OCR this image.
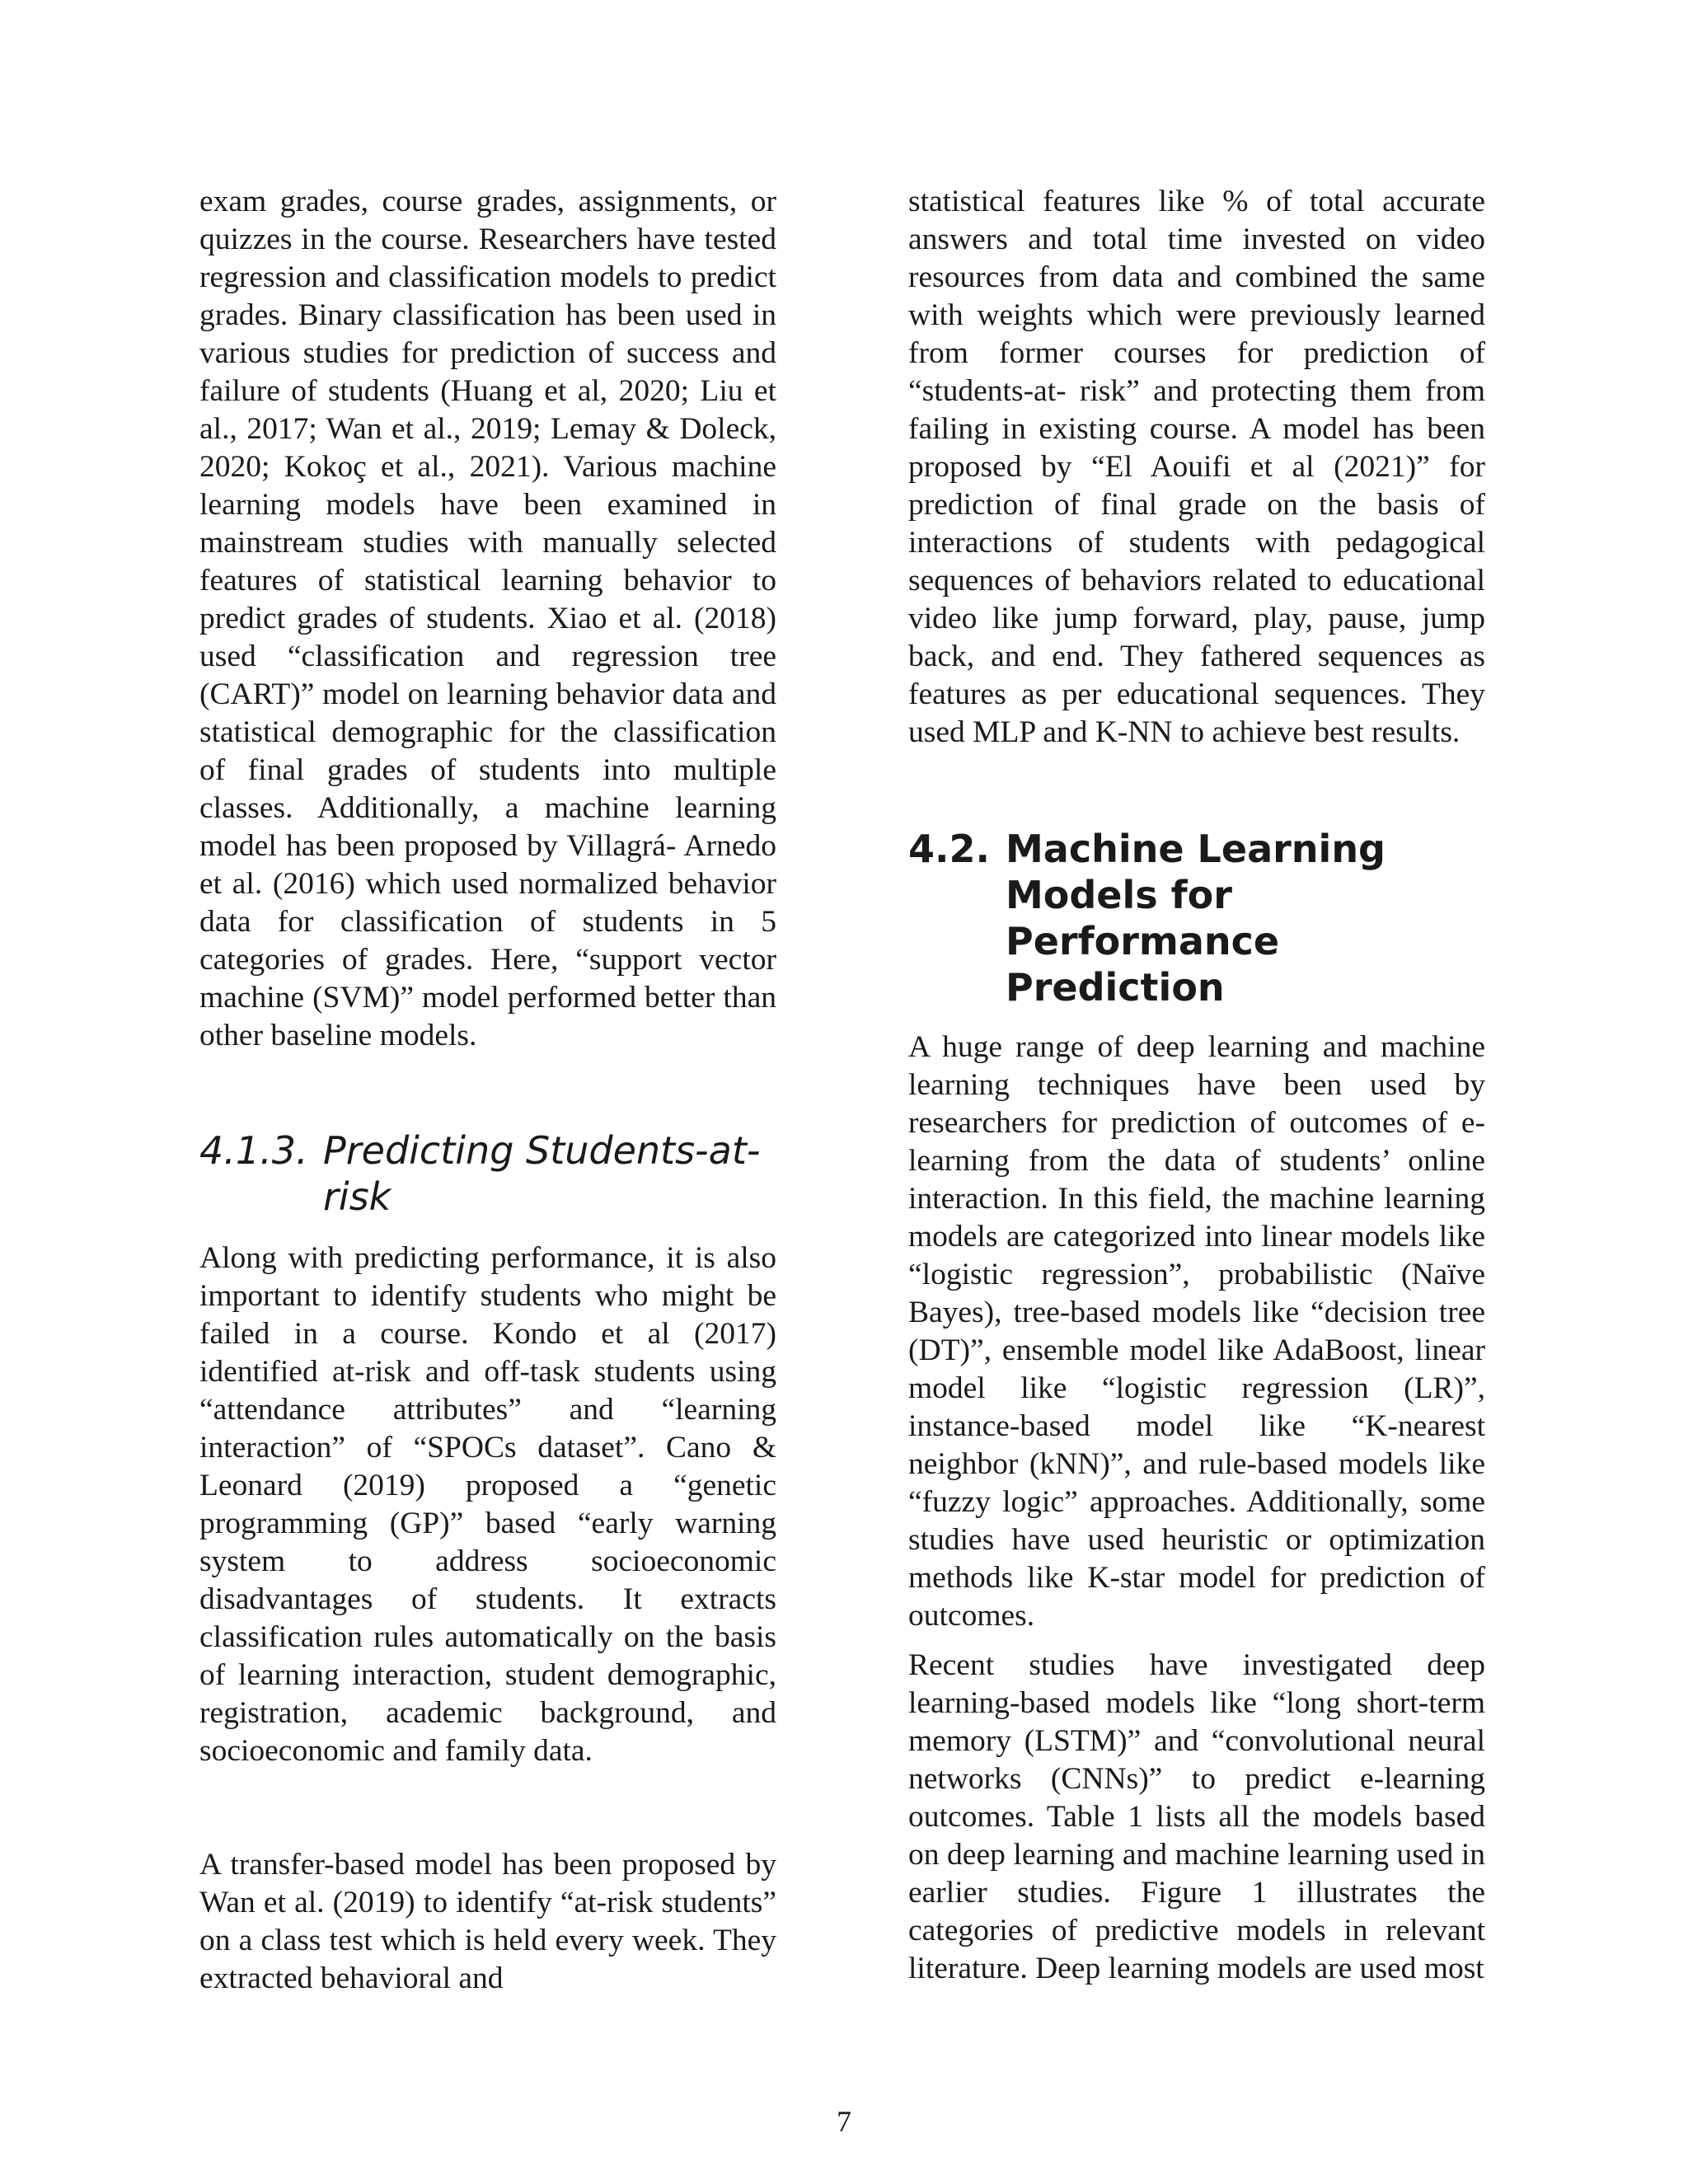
exam grades, course grades, assignments, or quizzes in the course. Researchers have tested regression and classification models to predict grades. Binary classification has been used in various studies for prediction of success and failure of students (Huang et al, 2020; Liu et al., 2017; Wan et al., 2019; Lemay & Doleck, 2020; Kokoç et al., 2021). Various machine learning models have been examined in mainstream studies with manually selected features of statistical learning behavior to predict grades of students. Xiao et al. (2018) used “classification and regression tree (CART)” model on learning behavior data and statistical demographic for the classification of final grades of students into multiple classes. Additionally, a machine learning model has been proposed by Villagrá- Arnedo et al. (2016) which used normalized behavior data for classification of students in 5 categories of grades. Here, “support vector machine (SVM)” model performed better than other baseline models.

4.1.3. Predicting Students-at-risk

Along with predicting performance, it is also important to identify students who might be failed in a course. Kondo et al (2017) identified at-risk and off-task students using “attendance attributes” and “learning interaction” of “SPOCs dataset”. Cano & Leonard (2019) proposed a “genetic programming (GP)” based “early warning system to address socioeconomic disadvantages of students. It extracts classification rules automatically on the basis of learning interaction, student demographic, registration, academic background, and socioeconomic and family data.

A transfer-based model has been proposed by Wan et al. (2019) to identify “at-risk students” on a class test which is held every week. They extracted behavioral and

statistical features like % of total accurate answers and total time invested on video resources from data and combined the same with weights which were previously learned from former courses for prediction of “students-at- risk” and protecting them from failing in existing course. A model has been proposed by “El Aouifi et al (2021)” for prediction of final grade on the basis of interactions of students with pedagogical sequences of behaviors related to educational video like jump forward, play, pause, jump back, and end. They fathered sequences as features as per educational sequences. They used MLP and K-NN to achieve best results.

4.2. Machine Learning Models for Performance Prediction

A huge range of deep learning and machine learning techniques have been used by researchers for prediction of outcomes of e-learning from the data of students’ online interaction. In this field, the machine learning models are categorized into linear models like “logistic regression”, probabilistic (Naïve Bayes), tree-based models like “decision tree (DT)”, ensemble model like AdaBoost, linear model like “logistic regression (LR)”, instance-based model like “K-nearest neighbor (kNN)”, and rule-based models like “fuzzy logic” approaches. Additionally, some studies have used heuristic or optimization methods like K-star model for prediction of outcomes.

Recent studies have investigated deep learning-based models like “long short-term memory (LSTM)” and “convolutional neural networks (CNNs)” to predict e-learning outcomes. Table 1 lists all the models based on deep learning and machine learning used in earlier studies. Figure 1 illustrates the categories of predictive models in relevant literature. Deep learning models are used most

7
